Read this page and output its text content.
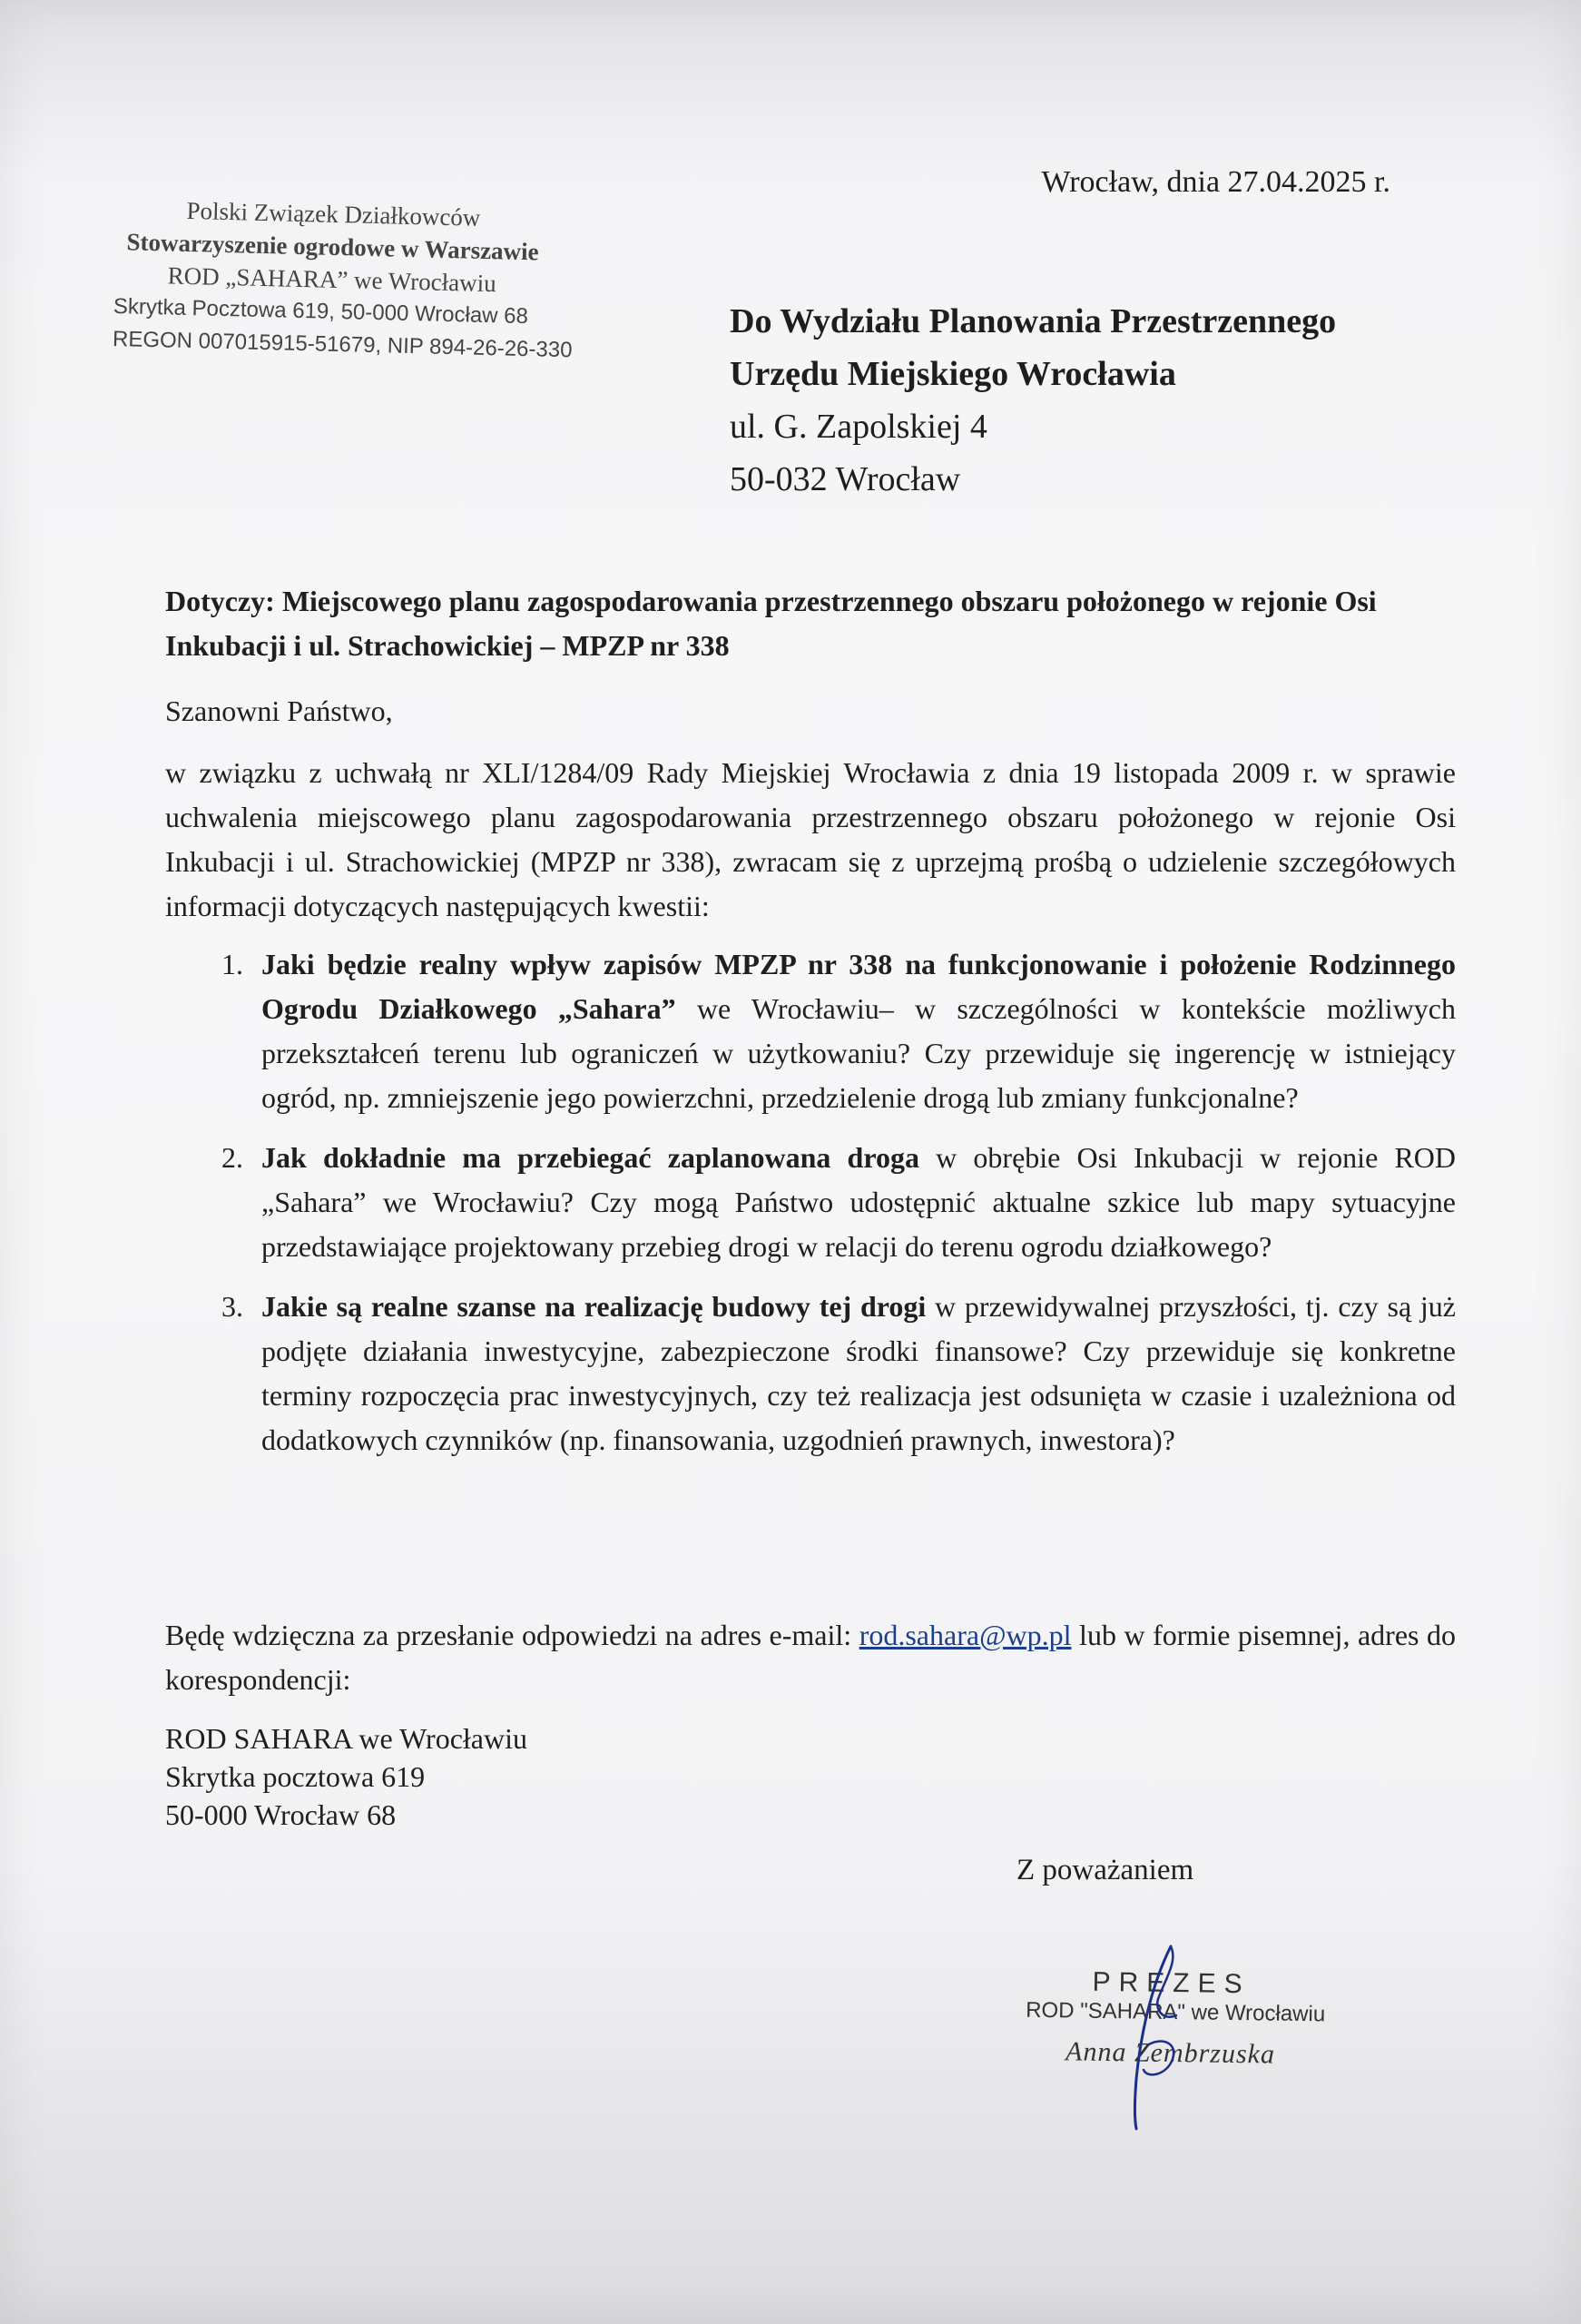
Polski Związek Działkowców
Stowarzyszenie ogrodowe w Warszawie
ROD „SAHARA” we Wrocławiu
Skrytka Pocztowa 619, 50-000 Wrocław 68
REGON 007015915-51679, NIP 894-26-26-330
Wrocław, dnia 27.04.2025 r.
Do Wydziału Planowania Przestrzennego
Urzędu Miejskiego Wrocławia
ul. G. Zapolskiej 4
50-032 Wrocław
Dotyczy: Miejscowego planu zagospodarowania przestrzennego obszaru położonego w rejonie Osi Inkubacji i ul. Strachowickiej – MPZP nr 338
Szanowni Państwo,
w związku z uchwałą nr XLI/1284/09 Rady Miejskiej Wrocławia z dnia 19 listopada 2009 r. w sprawie uchwalenia miejscowego planu zagospodarowania przestrzennego obszaru położonego w rejonie Osi Inkubacji i ul. Strachowickiej (MPZP nr 338), zwracam się z uprzejmą prośbą o udzielenie szczegółowych informacji dotyczących następujących kwestii:
1. Jaki będzie realny wpływ zapisów MPZP nr 338 na funkcjonowanie i położenie Rodzinnego Ogrodu Działkowego „Sahara” we Wrocławiu– w szczególności w kontekście możliwych przekształceń terenu lub ograniczeń w użytkowaniu? Czy przewiduje się ingerencję w istniejący ogród, np. zmniejszenie jego powierzchni, przedzielenie drogą lub zmiany funkcjonalne?
2. Jak dokładnie ma przebiegać zaplanowana droga w obrębie Osi Inkubacji w rejonie ROD „Sahara” we Wrocławiu? Czy mogą Państwo udostępnić aktualne szkice lub mapy sytuacyjne przedstawiające projektowany przebieg drogi w relacji do terenu ogrodu działkowego?
3. Jakie są realne szanse na realizację budowy tej drogi w przewidywalnej przyszłości, tj. czy są już podjęte działania inwestycyjne, zabezpieczone środki finansowe? Czy przewiduje się konkretne terminy rozpoczęcia prac inwestycyjnych, czy też realizacja jest odsunięta w czasie i uzależniona od dodatkowych czynników (np. finansowania, uzgodnień prawnych, inwestora)?
Będę wdzięczna za przesłanie odpowiedzi na adres e-mail: rod.sahara@wp.pl lub w formie pisemnej, adres do korespondencji:
ROD SAHARA we Wrocławiu
Skrytka pocztowa 619
50-000 Wrocław 68
Z poważaniem
PREZES
ROD "SAHARA" we Wrocławiu
Anna Zembrzuska
